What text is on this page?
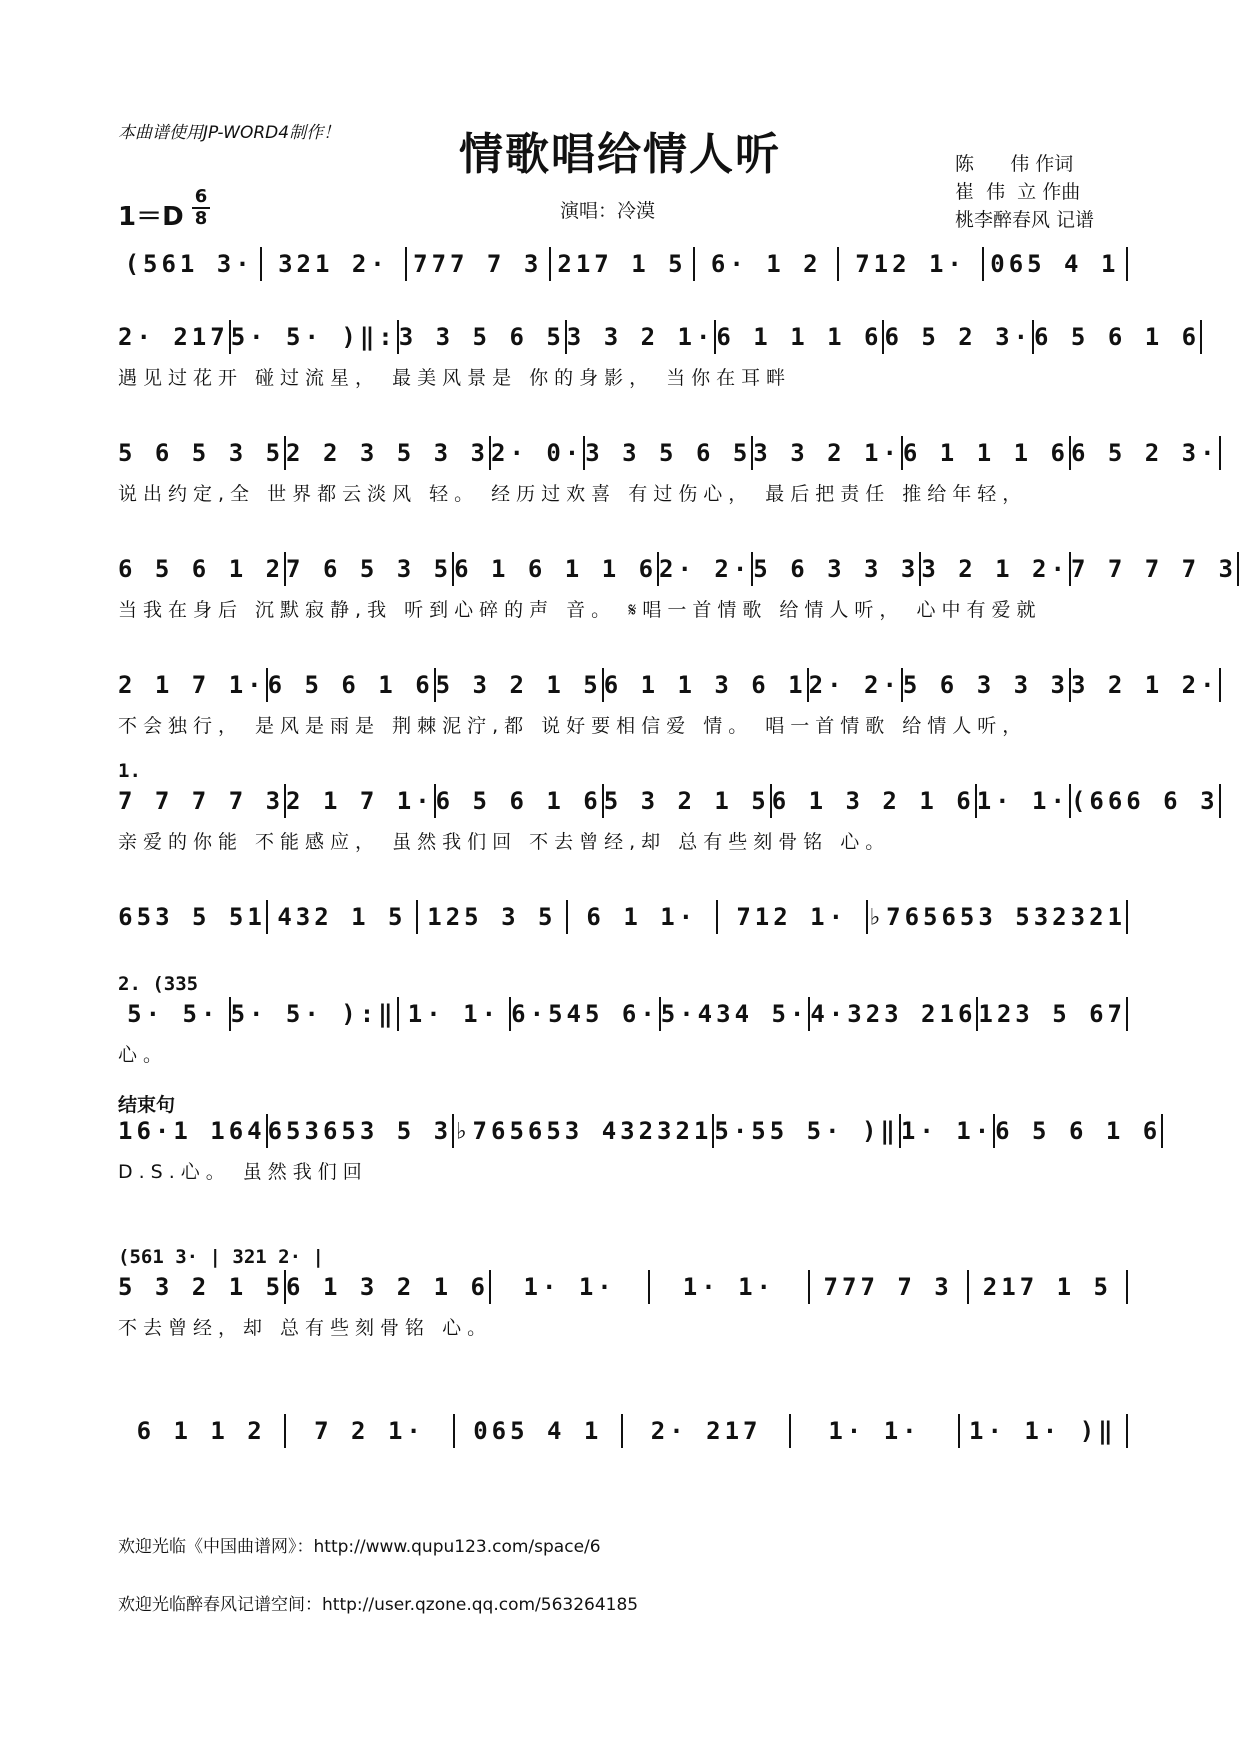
本曲谱使用JP-WORD4制作！	情歌唱给情人听
1＝D
6
8	演唱：冷漠
陈      伟 作词
崔  伟  立 作曲
桃李醉春风 记谱
(561 3·	321 2·	777 7 3 217 1 5	6· 1 2	712 1·	065 4 1
2· 217 5· 5· )‖: 3 3 5 6 5 3 3 2 1· 6 1 1 1 6 6 5 2 3· 6 5 6 1 6
遇见过花开 碰过流星， 最美风景是 你的身影， 当你在耳畔
5 6 5 3 5 2 2 3 5 3 3 2· 0· 3 3 5 6 5 3 3 2 1· 6 1 1 1 6 6 5 2 3·
说出约定,全 世界都云淡风 轻。 经历过欢喜 有过伤心， 最后把责任 推给年轻，
6 5 6 1 2 7 6 5 3 5 6 1 6 1 1 6 2· 2· 5 6 3 3 3 3 2 1 2· 7 7 7 7 3
当我在身后 沉默寂静,我 听到心碎的声 音。 𝄋唱一首情歌 给情人听， 心中有爱就
2 1 7 1· 6 5 6 1 6 5 3 2 1 5 6 1 1 3 6 1 2· 2· 5 6 3 3 3 3 2 1 2·
不会独行， 是风是雨是 荆棘泥泞,都 说好要相信爱 情。 唱一首情歌 给情人听，
1.
7 7 7 7 3 2 1 7 1· 6 5 6 1 6 5 3 2 1 5 6 1 3 2 1 6 1· 1· (666 6 3
亲爱的你能 不能感应， 虽然我们回 不去曾经,却 总有些刻骨铭 心。
653 5 51 432 1 5 125 3 5	6 1 1·	712 1· ♭765653 532321
2. (335
5· 5· 5· 5· ):‖ 1· 1· 6·545 6· 5·434 5· 4·323 216 123 5 67
心。
结束句
16·1 164 653653 5 3 ♭765653 432321 5·55 5· )‖ 1· 1· 6 5 6 1 6
D.S.心。 虽然我们回
(561 3· | 321 2· |
5 3 2 1 5 6 1 3 2 1 6	1· 1·	1· 1·	777 7 3	217 1 5
不去曾经，却 总有些刻骨铭 心。
6 1 1 2	7 2 1·	065 4 1	2· 217	1· 1·	1· 1· )‖
欢迎光临《中国曲谱网》：http://www.qupu123.com/space/6
欢迎光临醉春风记谱空间：http://user.qzone.qq.com/563264185
